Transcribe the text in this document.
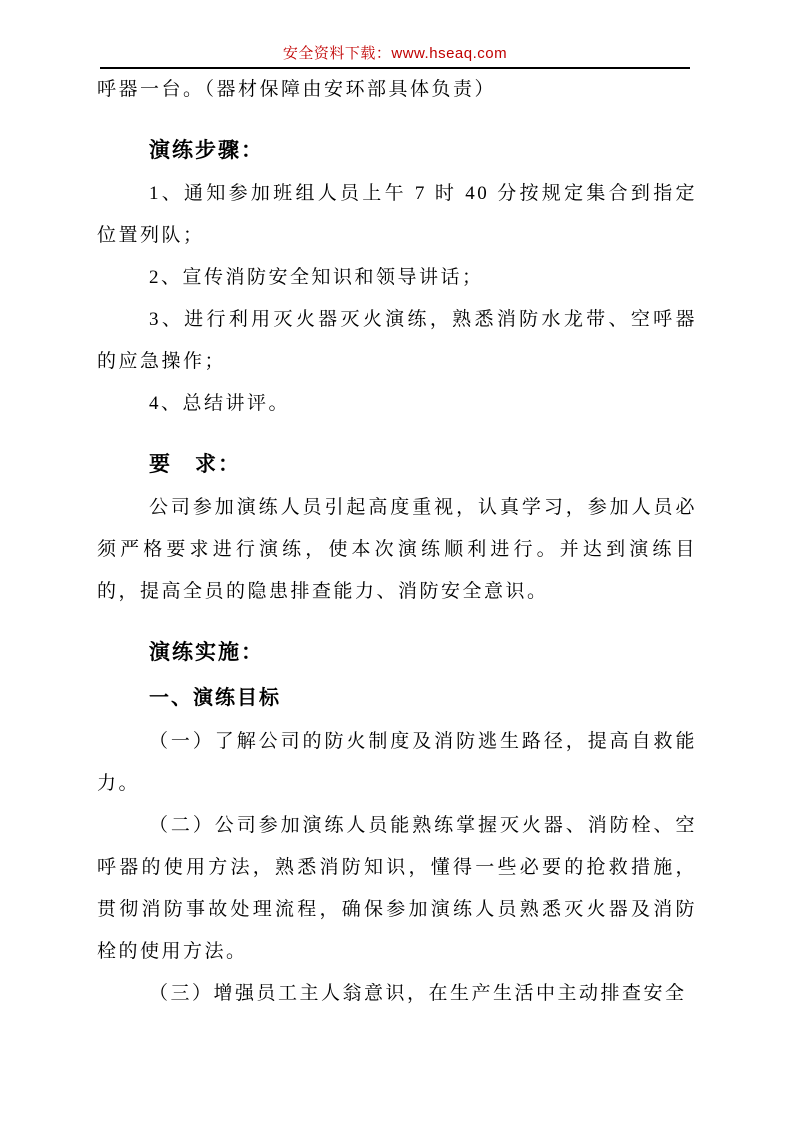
安全资料下载：www.hseaq.com

呼器一台。（器材保障由安环部具体负责）

演练步骤：

1、通知参加班组人员上午 7 时 40 分按规定集合到指定位置列队；

2、宣传消防安全知识和领导讲话；

3、进行利用灭火器灭火演练，熟悉消防水龙带、空呼器的应急操作；

4、总结讲评。

要　求：

公司参加演练人员引起高度重视，认真学习，参加人员必须严格要求进行演练，使本次演练顺利进行。并达到演练目的，提高全员的隐患排查能力、消防安全意识。

演练实施：
一、演练目标

（一）了解公司的防火制度及消防逃生路径，提高自救能力。

（二）公司参加演练人员能熟练掌握灭火器、消防栓、空呼器的使用方法，熟悉消防知识，懂得一些必要的抢救措施，贯彻消防事故处理流程，确保参加演练人员熟悉灭火器及消防栓的使用方法。

（三）增强员工主人翁意识，在生产生活中主动排查安全
